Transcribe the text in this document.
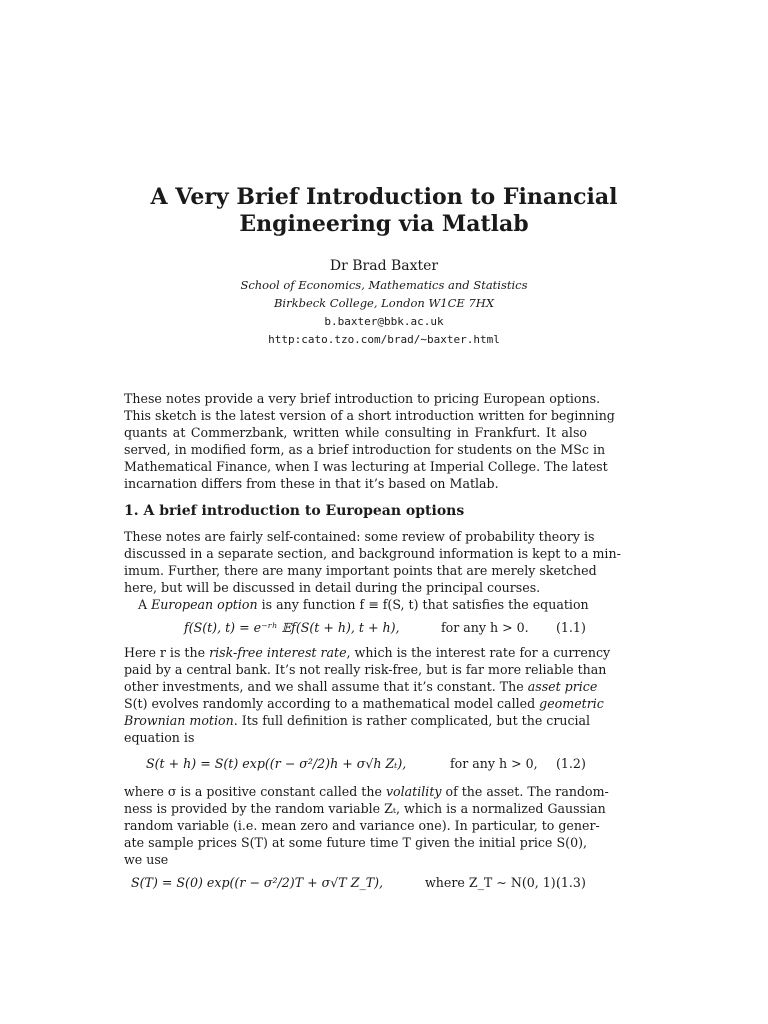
A Very Brief Introduction to Financial
Engineering via Matlab
Dr Brad Baxter
School of Economics, Mathematics and Statistics
Birkbeck College, London W1CE 7HX
b.baxter@bbk.ac.uk
http:cato.tzo.com/brad/∼baxter.html
These notes provide a very brief introduction to pricing European options.
This sketch is the latest version of a short introduction written for beginning
quants at Commerzbank, written while consulting in Frankfurt. It also
served, in modified form, as a brief introduction for students on the MSc in
Mathematical Finance, when I was lecturing at Imperial College. The latest
incarnation differs from these in that it’s based on Matlab.
1. A brief introduction to European options
These notes are fairly self-contained: some review of probability theory is
discussed in a separate section, and background information is kept to a min-
imum. Further, there are many important points that are merely sketched
here, but will be discussed in detail during the principal courses.
A European option is any function f ≡ f(S, t) that satisfies the equation
f(S(t), t) = e⁻ʳʰ 𝔼f(S(t + h), t + h),	for any h > 0. (1.1)
Here r is the risk-free interest rate, which is the interest rate for a currency
paid by a central bank. It’s not really risk-free, but is far more reliable than
other investments, and we shall assume that it’s constant. The asset price
S(t) evolves randomly according to a mathematical model called geometric
Brownian motion. Its full definition is rather complicated, but the crucial
equation is
S(t + h) = S(t) exp((r − σ²/2)h + σ√h Zₜ),	for any h > 0, (1.2)
where σ is a positive constant called the volatility of the asset. The random-
ness is provided by the random variable Zₜ, which is a normalized Gaussian
random variable (i.e. mean zero and variance one). In particular, to gener-
ate sample prices S(T) at some future time T given the initial price S(0),
we use
S(T) = S(0) exp((r − σ²/2)T + σ√T Z_T),	where Z_T ∼ N(0, 1).
(1.3)
